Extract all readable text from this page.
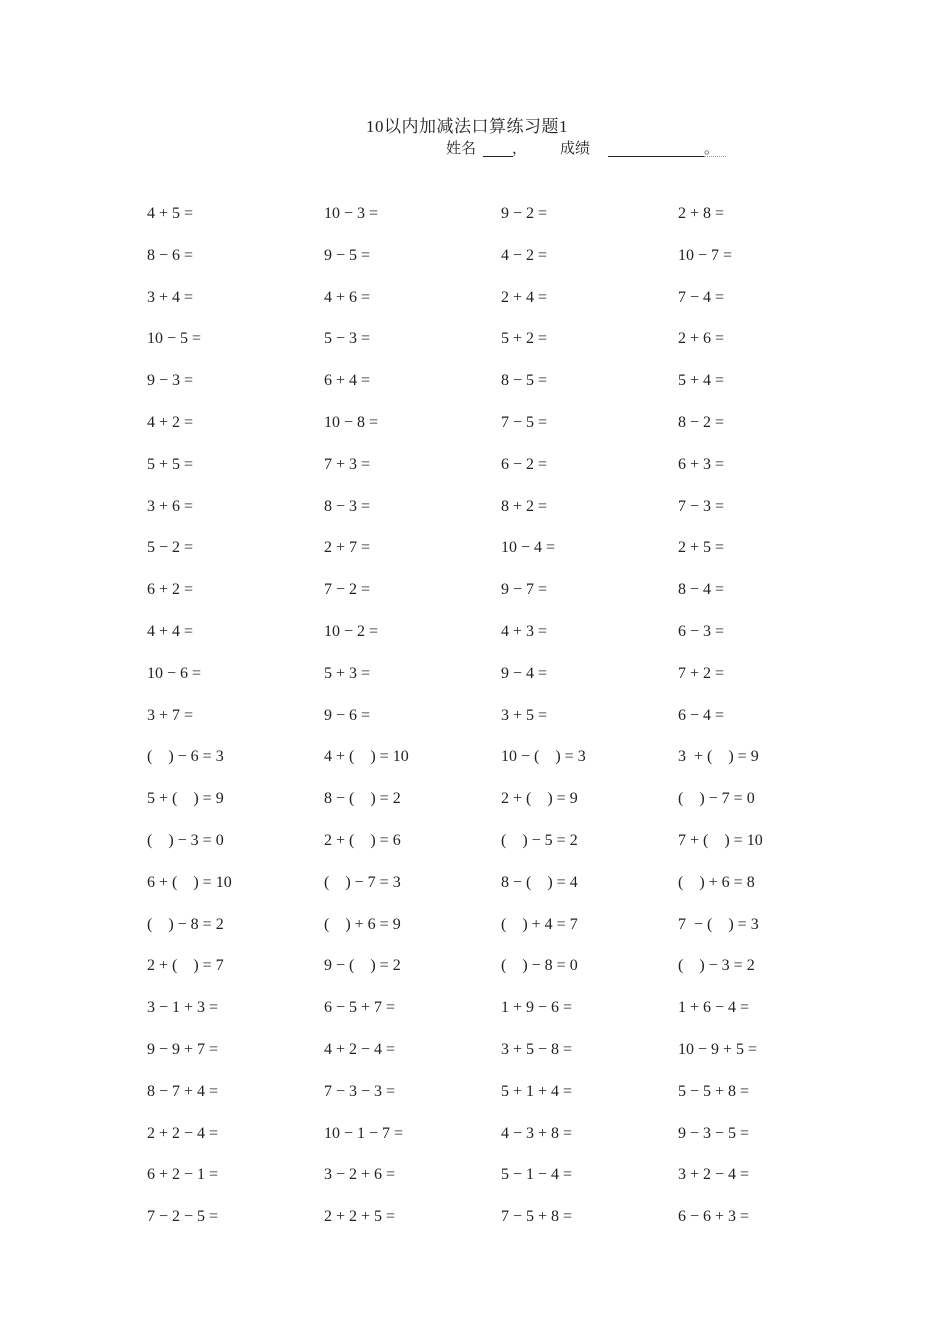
10以内加减法口算练习题1
姓名 ， 成绩	。
4 + 5 =	10 − 3 =	9 − 2 =	2 + 8 =
8 − 6 =	9 − 5 =	4 − 2 =	10 − 7 =
3 + 4 =	4 + 6 =	2 + 4 =	7 − 4 =
10 − 5 =	5 − 3 =	5 + 2 =	2 + 6 =
9 − 3 =	6 + 4 =	8 − 5 =	5 + 4 =
4 + 2 =	10 − 8 =	7 − 5 =	8 − 2 =
5 + 5 =	7 + 3 =	6 − 2 =	6 + 3 =
3 + 6 =	8 − 3 =	8 + 2 =	7 − 3 =
5 − 2 =	2 + 7 =	10 − 4 =	2 + 5 =
6 + 2 =	7 − 2 =	9 − 7 =	8 − 4 =
4 + 4 =	10 − 2 =	4 + 3 =	6 − 3 =
10 − 6 =	5 + 3 =	9 − 4 =	7 + 2 =
3 + 7 =	9 − 6 =	3 + 5 =	6 − 4 =
(    ) − 6 = 3	4 + (    ) = 10	10 − (    ) = 3	3  + (    ) = 9
5 + (    ) = 9	8 − (    ) = 2	2 + (    ) = 9	(    ) − 7 = 0
(    ) − 3 = 0	2 + (    ) = 6	(    ) − 5 = 2	7 + (    ) = 10
6 + (    ) = 10	(    ) − 7 = 3	8 − (    ) = 4	(    ) + 6 = 8
(    ) − 8 = 2	(    ) + 6 = 9	(    ) + 4 = 7	7  − (    ) = 3
2 + (    ) = 7	9 − (    ) = 2	(    ) − 8 = 0	(    ) − 3 = 2
3 − 1 + 3 =	6 − 5 + 7 =	1 + 9 − 6 =	1 + 6 − 4 =
9 − 9 + 7 =	4 + 2 − 4 =	3 + 5 − 8 =	10 − 9 + 5 =
8 − 7 + 4 =	7 − 3 − 3 =	5 + 1 + 4 =	5 − 5 + 8 =
2 + 2 − 4 =	10 − 1 − 7 =	4 − 3 + 8 =	9 − 3 − 5 =
6 + 2 − 1 =	3 − 2 + 6 =	5 − 1 − 4 =	3 + 2 − 4 =
7 − 2 − 5 =	2 + 2 + 5 =	7 − 5 + 8 =	6 − 6 + 3 =
